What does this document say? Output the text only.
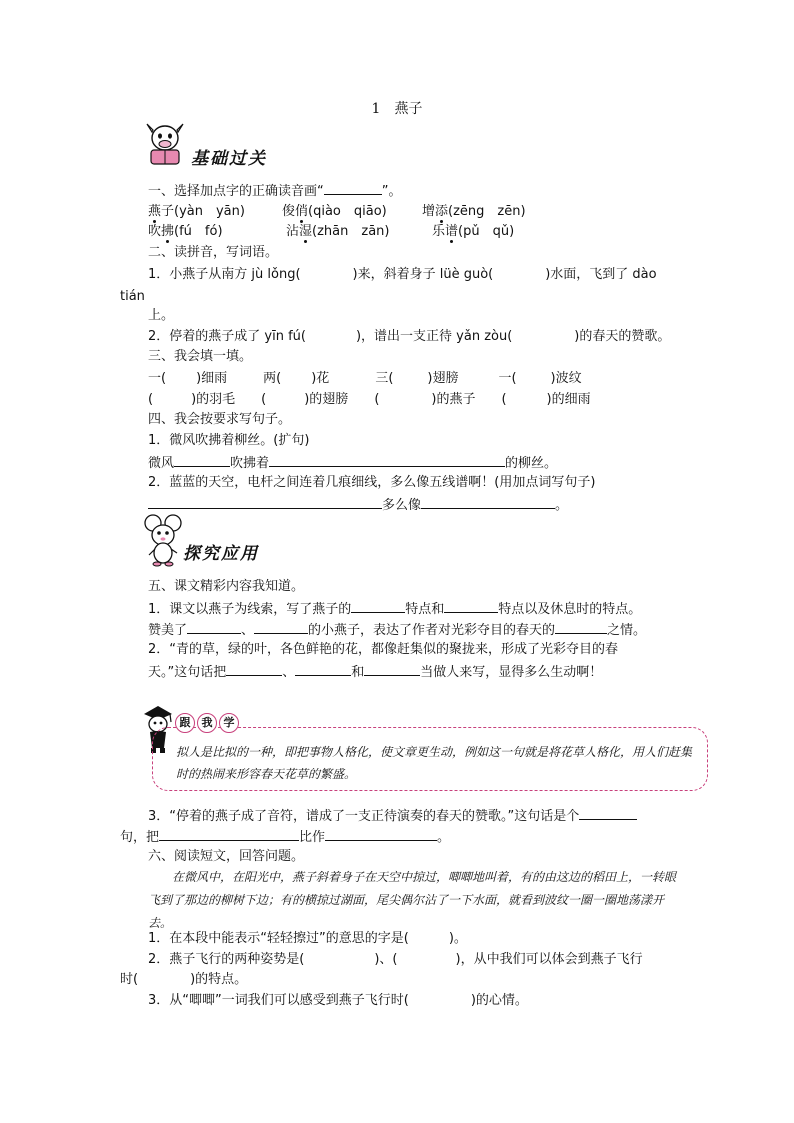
1　燕子
基础过关
一、选择加点字的正确读音画“	”。
燕子(yàn　yān)	俊俏(qiào　qiāo)	增添(zēng　zēn)
吹拂(fú　fó)	沾湿(zhān　zān)	乐谱(pǔ　qǔ)
二、读拼音，写词语。
1．小燕子从南方 jù lǒng(	)来，斜着身子 lüè guò(	)水面，飞到了 dào
tián
上。
2．停着的燕子成了 yīn fú(	)，谱出一支正待 yǎn zòu(	)的春天的赞歌。
三、我会填一填。
一( )细雨	两( )花	三(	)翅膀	一(	)波纹
(	)的羽毛 (	)的翅膀 (	)的燕子 (	)的细雨
四、我会按要求写句子。
1．微风吹拂着柳丝。(扩句)
微风	吹拂着	的柳丝。
2．蓝蓝的天空，电杆之间连着几痕细线，多么像五线谱啊！(用加点词写句子)
多么像	。
探究应用
五、课文精彩内容我知道。
1．课文以燕子为线索，写了燕子的	特点和	特点以及休息时的特点。
赞美了	、	的小燕子，表达了作者对光彩夺目的春天的	之情。
2．“青的草，绿的叶，各色鲜艳的花，都像赶集似的聚拢来，形成了光彩夺目的春
天。”这句话把	、	和	当做人来写，显得多么生动啊！
跟 我 学
拟人是比拟的一种，即把事物人格化，使文章更生动，例如这一句就是将花草人格化，用人们赶集时的热闹来形容春天花草的繁盛。
3．“停着的燕子成了音符，谱成了一支正待演奏的春天的赞歌。”这句话是个
句，把	比作	。
六、阅读短文，回答问题。
在微风中，在阳光中，燕子斜着身子在天空中掠过，唧唧地叫着，有的由这边的稻田上，一转眼飞到了那边的柳树下边；有的横掠过湖面，尾尖偶尔沾了一下水面，就看到波纹一圈一圈地荡漾开去。
1．在本段中能表示“轻轻擦过”的意思的字是(	)。
2．燕子飞行的两种姿势是(	)、(	)，从中我们可以体会到燕子飞行
时(	)的特点。
3．从“唧唧”一词我们可以感受到燕子飞行时(	)的心情。
